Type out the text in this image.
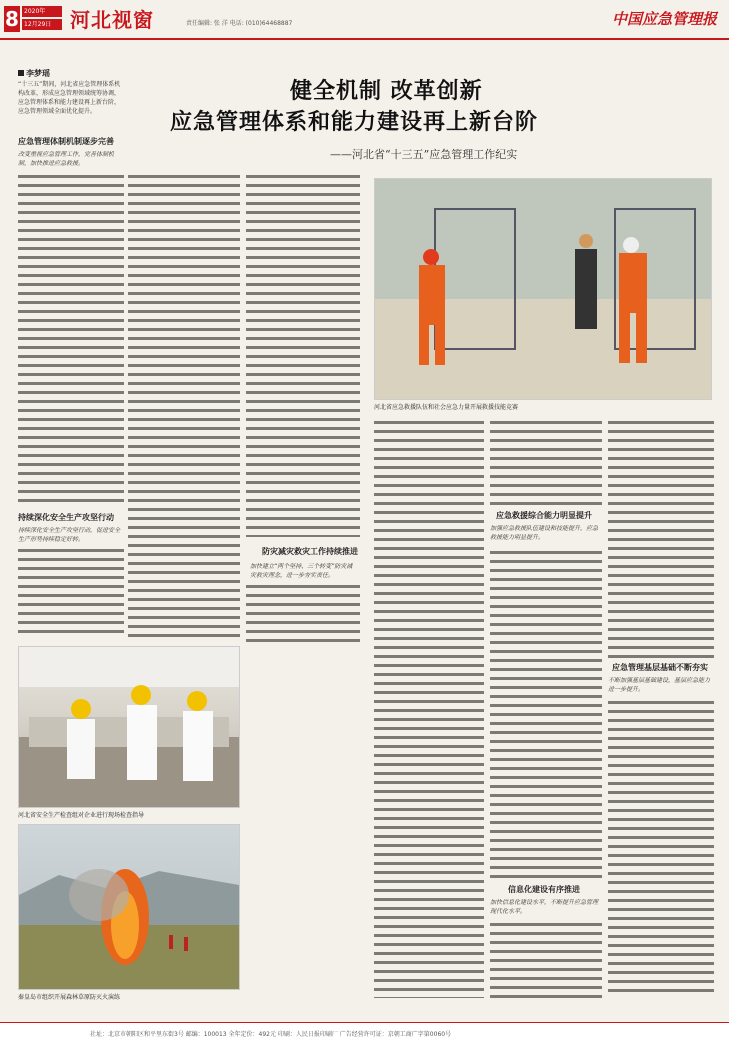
8 2020年
12月29日 河北视窗	责任编辑: 张 洋 电话: (010)64468887	中国应急管理报
健全机制 改革创新
应急管理体系和能力建设再上新台阶
——河北省“十三五”应急管理工作纪实
李梦瑶
“十三五”期间，河北省应急管理体系机构改革，形成应急管理领域统筹协调，应急管理体系和能力建设再上新台阶，应急管理领域全面优化提升。
应急管理体制机制逐步完善
改变重视应急管理工作，完善体制机制，加快推进应急救援。
持续深化安全生产攻坚行动
持续深化安全生产攻坚行动，促进安全生产形势持续稳定好转。
防灾减灾救灾工作持续推进
加快建立“两个坚持、三个转变”防灾减灾救灾理念，进一步夯实责任。
河北省安全生产检查组对企业进行现场检查指导
秦皇岛市组织开展森林草原防灭火演练
河北省应急救援队伍和社会应急力量开展救援技能竞赛
应急救援综合能力明显提升
加强应急救援队伍建设和技能提升，应急救援能力明显提升。
信息化建设有序推进
加快信息化建设水平，不断提升应急管理现代化水平。
应急管理基层基础不断夯实
不断加强基层基础建设，基层应急能力进一步提升。
社址：北京市朝阳区和平里东街3号 邮编：100013 全年定价：492元 印刷：人民日报印刷厂 广告经营许可证：京朝工商广字第0060号
